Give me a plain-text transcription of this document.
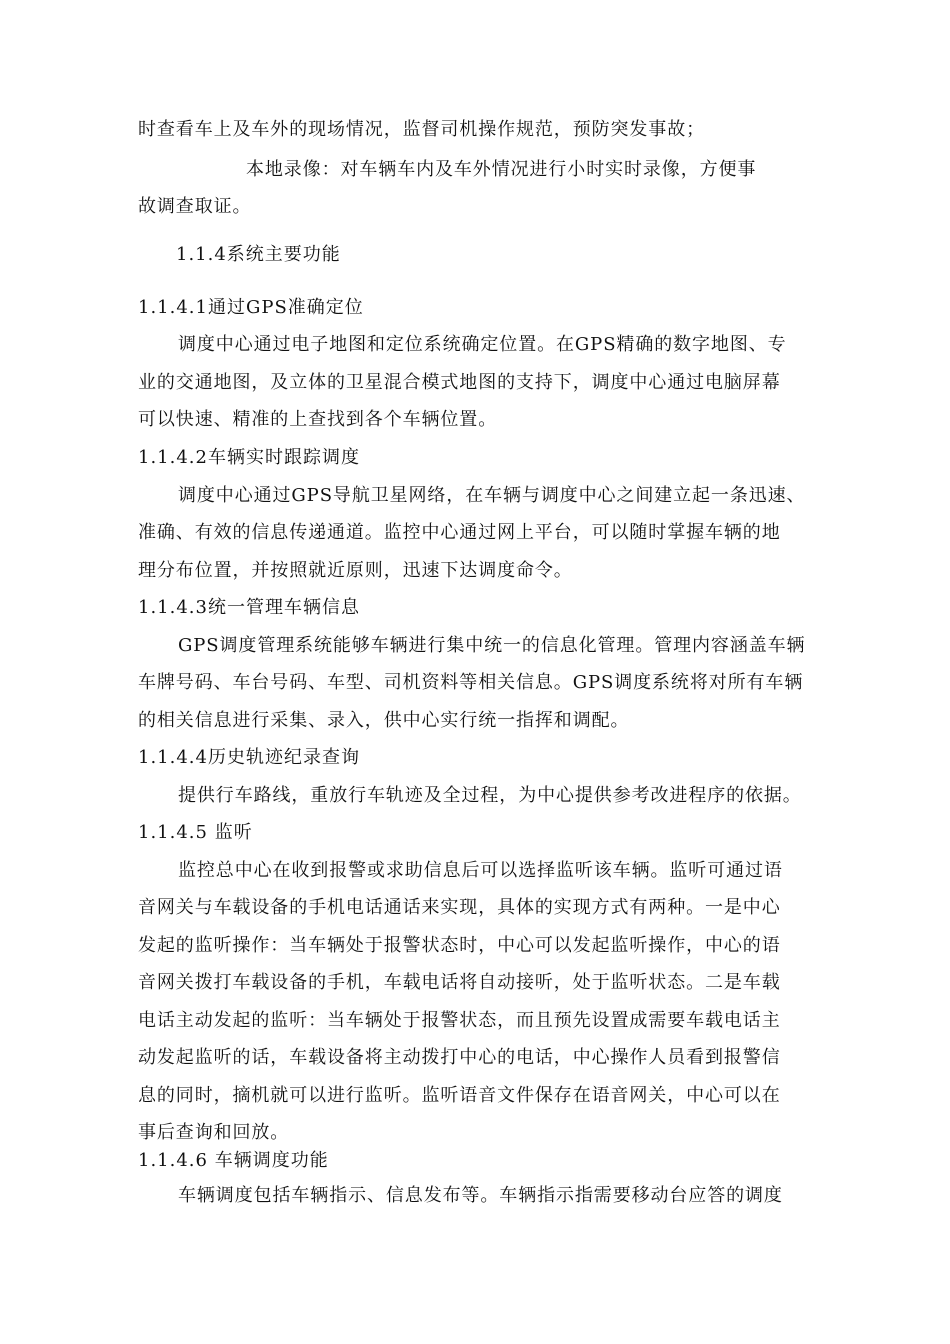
时查看车上及车外的现场情况，监督司机操作规范，预防突发事故；
本地录像：对车辆车内及车外情况进行小时实时录像，方便事
故调查取证。
1.1.4系统主要功能
1.1.4.1通过GPS准确定位
调度中心通过电子地图和定位系统确定位置。在GPS精确的数字地图、专
业的交通地图，及立体的卫星混合模式地图的支持下，调度中心通过电脑屏幕
可以快速、精准的上查找到各个车辆位置。
1.1.4.2车辆实时跟踪调度
调度中心通过GPS导航卫星网络，在车辆与调度中心之间建立起一条迅速、
准确、有效的信息传递通道。监控中心通过网上平台，可以随时掌握车辆的地
理分布位置，并按照就近原则，迅速下达调度命令。
1.1.4.3统一管理车辆信息
GPS调度管理系统能够车辆进行集中统一的信息化管理。管理内容涵盖车辆
车牌号码、车台号码、车型、司机资料等相关信息。GPS调度系统将对所有车辆
的相关信息进行采集、录入，供中心实行统一指挥和调配。
1.1.4.4历史轨迹纪录查询
提供行车路线，重放行车轨迹及全过程，为中心提供参考改进程序的依据。
1.1.4.5 监听
监控总中心在收到报警或求助信息后可以选择监听该车辆。监听可通过语
音网关与车载设备的手机电话通话来实现，具体的实现方式有两种。一是中心
发起的监听操作：当车辆处于报警状态时，中心可以发起监听操作，中心的语
音网关拨打车载设备的手机，车载电话将自动接听，处于监听状态。二是车载
电话主动发起的监听：当车辆处于报警状态，而且预先设置成需要车载电话主
动发起监听的话，车载设备将主动拨打中心的电话，中心操作人员看到报警信
息的同时，摘机就可以进行监听。监听语音文件保存在语音网关，中心可以在
事后查询和回放。
1.1.4.6 车辆调度功能
车辆调度包括车辆指示、信息发布等。车辆指示指需要移动台应答的调度
